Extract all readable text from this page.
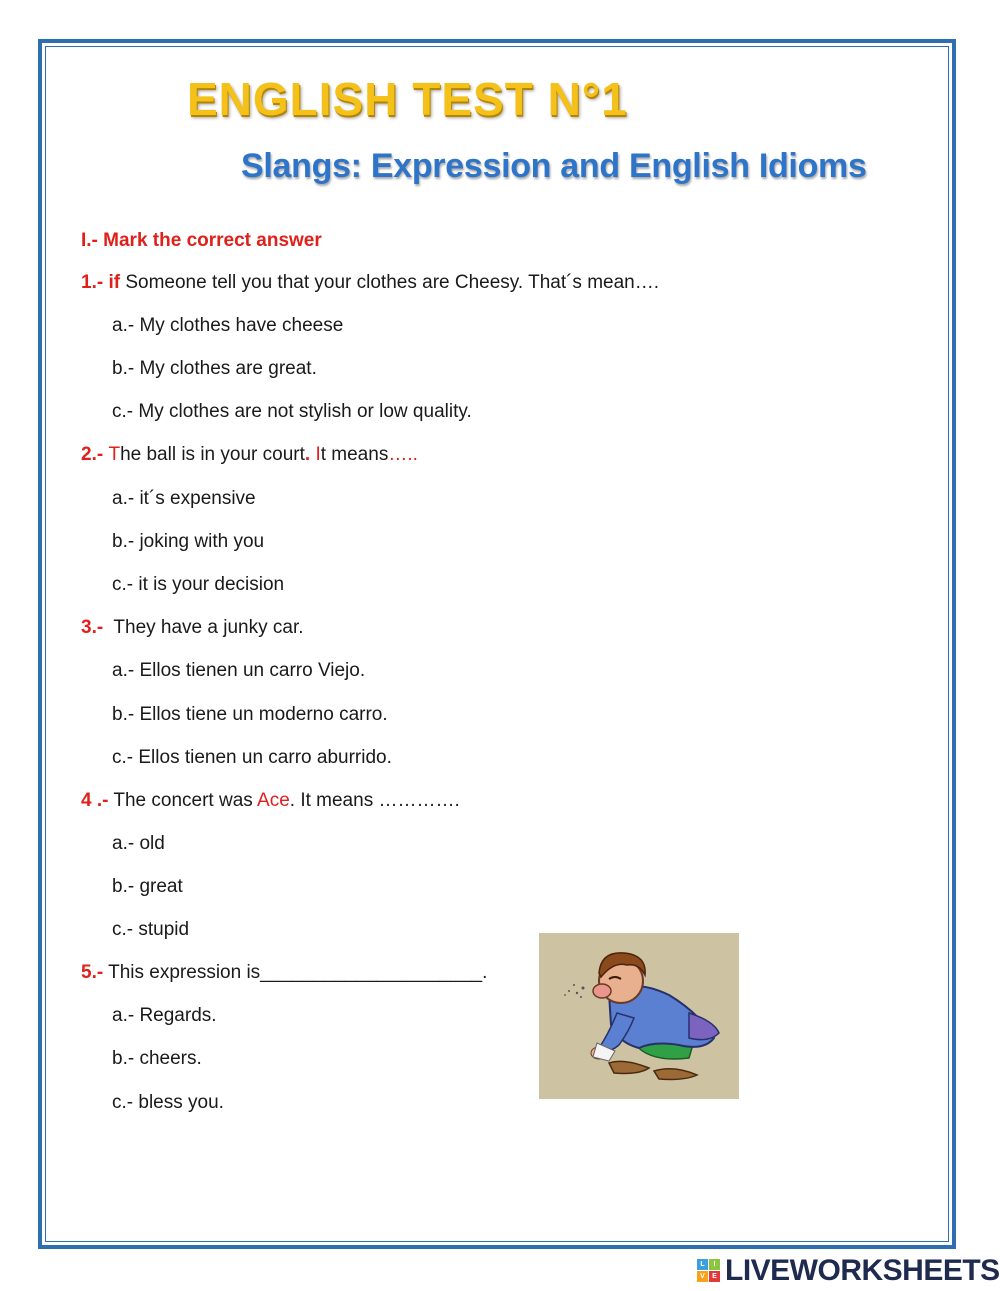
ENGLISH TEST N°1
Slangs: Expression and English Idioms
I.- Mark the correct answer
1.- if Someone tell you that your clothes are Cheesy. That´s mean….
a.- My clothes have cheese
b.- My clothes are great.
c.- My clothes are not stylish or low quality.
2.- The ball is in your court. It means…..
a.- it´s expensive
b.- joking with you
c.- it is your decision
3.-  They have a junky car.
a.- Ellos tienen un carro Viejo.
b.- Ellos tiene un moderno carro.
c.- Ellos tienen un carro aburrido.
4 .- The concert was Ace. It means ………….
a.- old
b.- great
c.- stupid
5.- This expression is_____________________.
a.- Regards.
b.- cheers.
c.- bless you.
L	I
V	E LIVEWORKSHEETS
